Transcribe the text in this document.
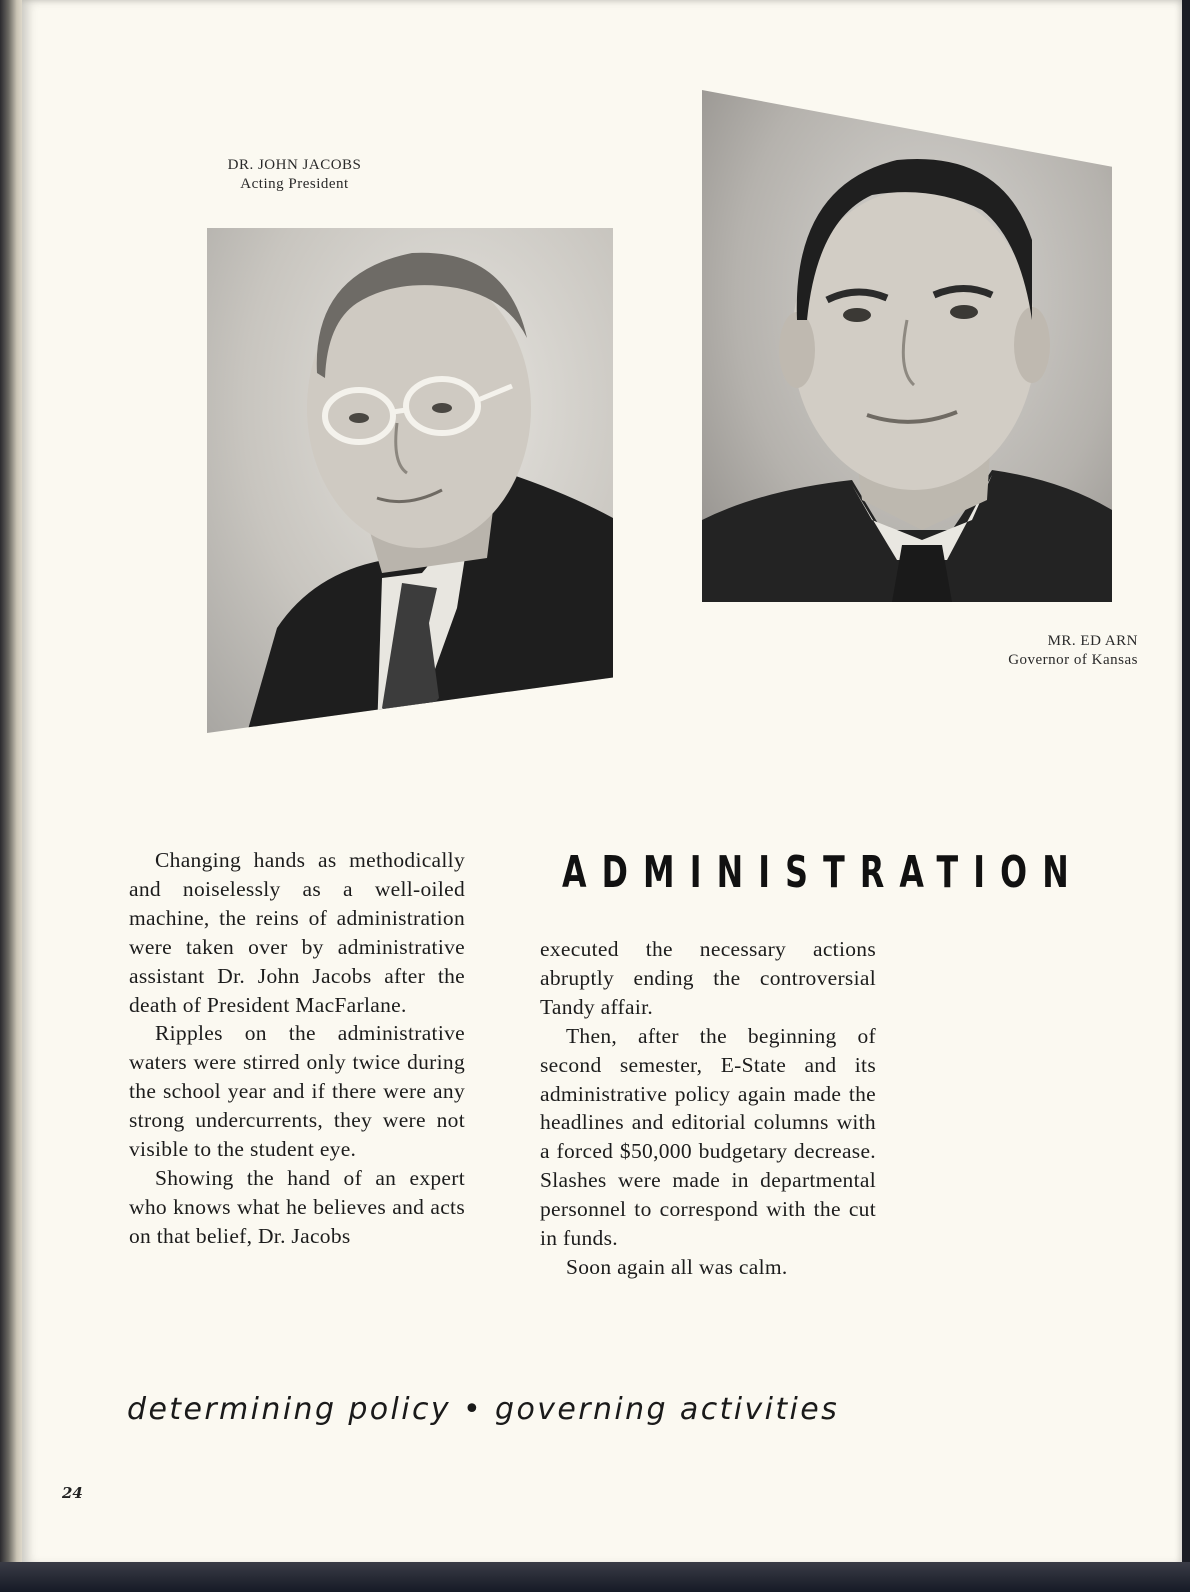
DR. JOHN JACOBS
Acting President
MR. ED ARN
Governor of Kansas

Changing hands as methodically and noiselessly as a well-oiled machine, the reins of administration were taken over by administrative assistant Dr. John Jacobs after the death of President MacFarlane.

Ripples on the administrative waters were stirred only twice during the school year and if there were any strong undercurrents, they were not visible to the student eye.

Showing the hand of an expert who knows what he believes and acts on that belief, Dr. Jacobs

ADMINISTRATION

executed the necessary actions abruptly ending the controversial Tandy affair.

Then, after the beginning of second semester, E-State and its administrative policy again made the headlines and editorial columns with a forced $50,000 budgetary decrease. Slashes were made in departmental personnel to correspond with the cut in funds.

Soon again all was calm.

determining policy • governing activities
24
